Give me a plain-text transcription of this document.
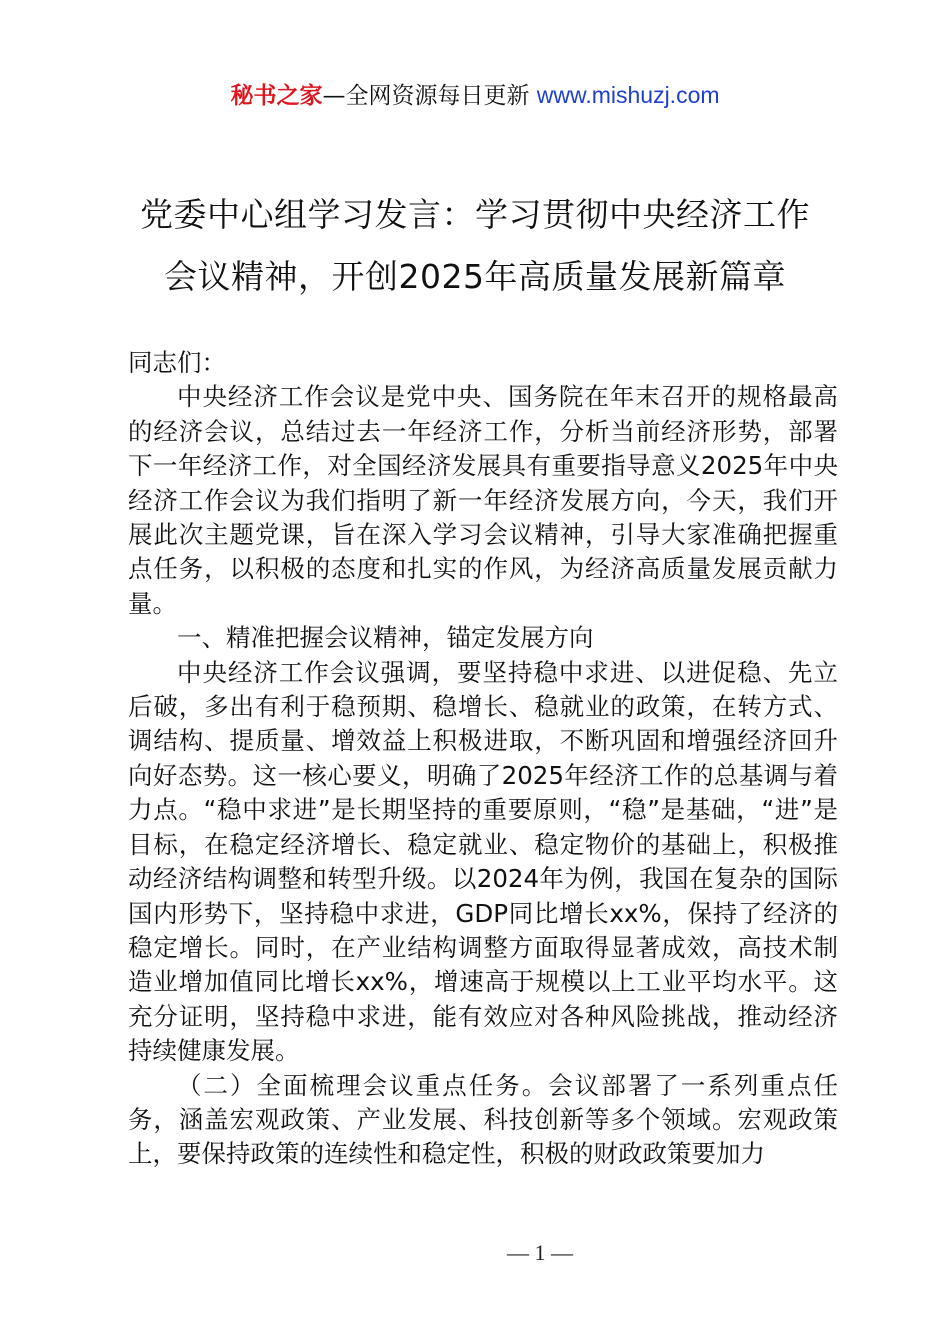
秘书之家—全网资源每日更新 www.mishuzj.com
党委中心组学习发言：学习贯彻中央经济工作
会议精神，开创2025年高质量发展新篇章

同志们：

中央经济工作会议是党中央、国务院在年末召开的规格最高的经济会议，总结过去一年经济工作，分析当前经济形势，部署下一年经济工作，对全国经济发展具有重要指导意义2025年中央经济工作会议为我们指明了新一年经济发展方向，今天，我们开展此次主题党课，旨在深入学习会议精神，引导大家准确把握重点任务，以积极的态度和扎实的作风，为经济高质量发展贡献力量。

一、精准把握会议精神，锚定发展方向

中央经济工作会议强调，要坚持稳中求进、以进促稳、先立后破，多出有利于稳预期、稳增长、稳就业的政策，在转方式、调结构、提质量、增效益上积极进取，不断巩固和增强经济回升向好态势。这一核心要义，明确了2025年经济工作的总基调与着力点。“稳中求进”是长期坚持的重要原则，“稳”是基础，“进”是目标，在稳定经济增长、稳定就业、稳定物价的基础上，积极推动经济结构调整和转型升级。以2024年为例，我国在复杂的国际国内形势下，坚持稳中求进，GDP同比增长xx%，保持了经济的稳定增长。同时，在产业结构调整方面取得显著成效，高技术制造业增加值同比增长xx%，增速高于规模以上工业平均水平。这充分证明，坚持稳中求进，能有效应对各种风险挑战，推动经济持续健康发展。

（二）全面梳理会议重点任务。会议部署了一系列重点任务，涵盖宏观政策、产业发展、科技创新等多个领域。宏观政策上，要保持政策的连续性和稳定性，积极的财政政策要加力

— 1 —
